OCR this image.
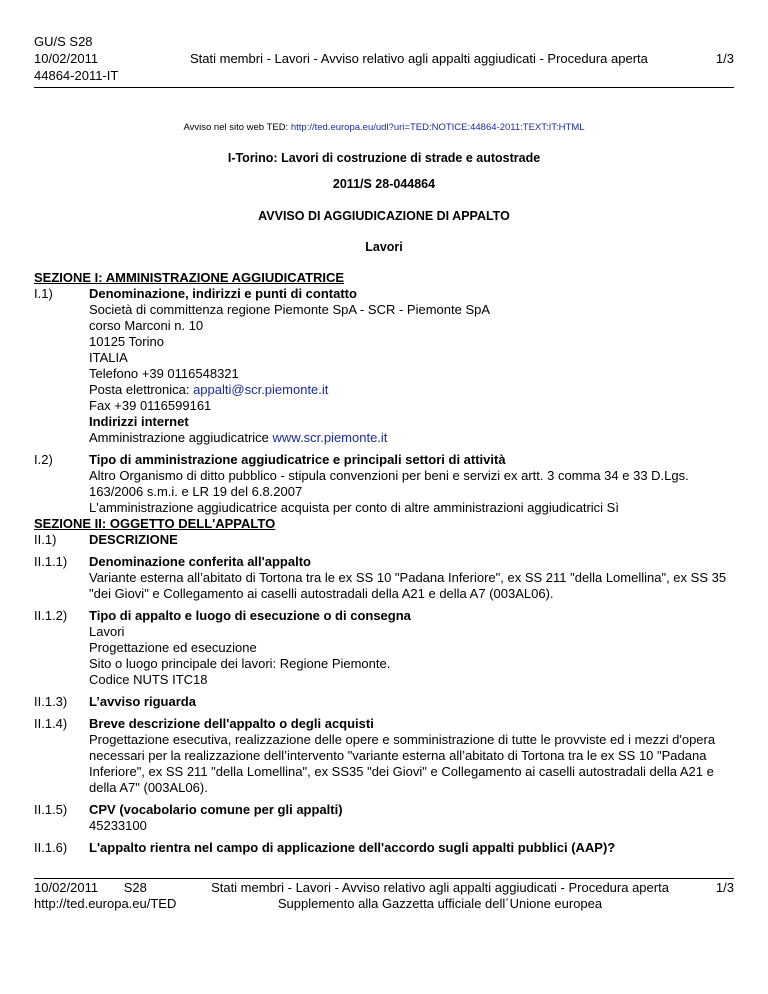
GU/S S28
10/02/2011
44864-2011-IT
Stati membri - Lavori - Avviso relativo agli appalti aggiudicati - Procedura aperta	1/3
Avviso nel sito web TED: http://ted.europa.eu/udl?uri=TED:NOTICE:44864-2011:TEXT:IT:HTML
I-Torino: Lavori di costruzione di strade e autostrade
2011/S 28-044864
AVVISO DI AGGIUDICAZIONE DI APPALTO
Lavori
SEZIONE I: AMMINISTRAZIONE AGGIUDICATRICE
I.1)	Denominazione, indirizzi e punti di contatto
Società di committenza regione Piemonte SpA - SCR - Piemonte SpA
corso Marconi n. 10
10125 Torino
ITALIA
Telefono +39 0116548321
Posta elettronica: appalti@scr.piemonte.it
Fax +39 0116599161
Indirizzi internet
Amministrazione aggiudicatrice www.scr.piemonte.it
I.2)	Tipo di amministrazione aggiudicatrice e principali settori di attività
Altro Organismo di ditto pubblico - stipula convenzioni per beni e servizi ex artt. 3 comma 34 e 33 D.Lgs.
163/2006 s.m.i. e LR 19 del 6.8.2007
L'amministrazione aggiudicatrice acquista per conto di altre amministrazioni aggiudicatrici Sì
SEZIONE II: OGGETTO DELL'APPALTO
II.1)	DESCRIZIONE
II.1.1)	Denominazione conferita all'appalto
Variante esterna all’abitato di Tortona tra le ex SS 10 "Padana Inferiore", ex SS 211 "della Lomellina", ex SS 35
"dei Giovi" e Collegamento ai caselli autostradali della A21 e della A7 (003AL06).
II.1.2)	Tipo di appalto e luogo di esecuzione o di consegna
Lavori
Progettazione ed esecuzione
Sito o luogo principale dei lavori: Regione Piemonte.
Codice NUTS ITC18
II.1.3)	L’avviso riguarda
II.1.4)	Breve descrizione dell'appalto o degli acquisti
Progettazione esecutiva, realizzazione delle opere e somministrazione di tutte le provviste ed i mezzi d'opera
necessari per la realizzazione dell’intervento "variante esterna all’abitato di Tortona tra le ex SS 10 "Padana
Inferiore", ex SS 211 "della Lomellina", ex SS35 "dei Giovi" e Collegamento ai caselli autostradali della A21 e
della A7" (003AL06).
II.1.5)	CPV (vocabolario comune per gli appalti)
45233100
II.1.6)	L'appalto rientra nel campo di applicazione dell'accordo sugli appalti pubblici (AAP)?
10/02/2011 S28
http://ted.europa.eu/TED
Stati membri - Lavori - Avviso relativo agli appalti aggiudicati - Procedura aperta
Supplemento alla Gazzetta ufficiale dell´Unione europea
1/3
